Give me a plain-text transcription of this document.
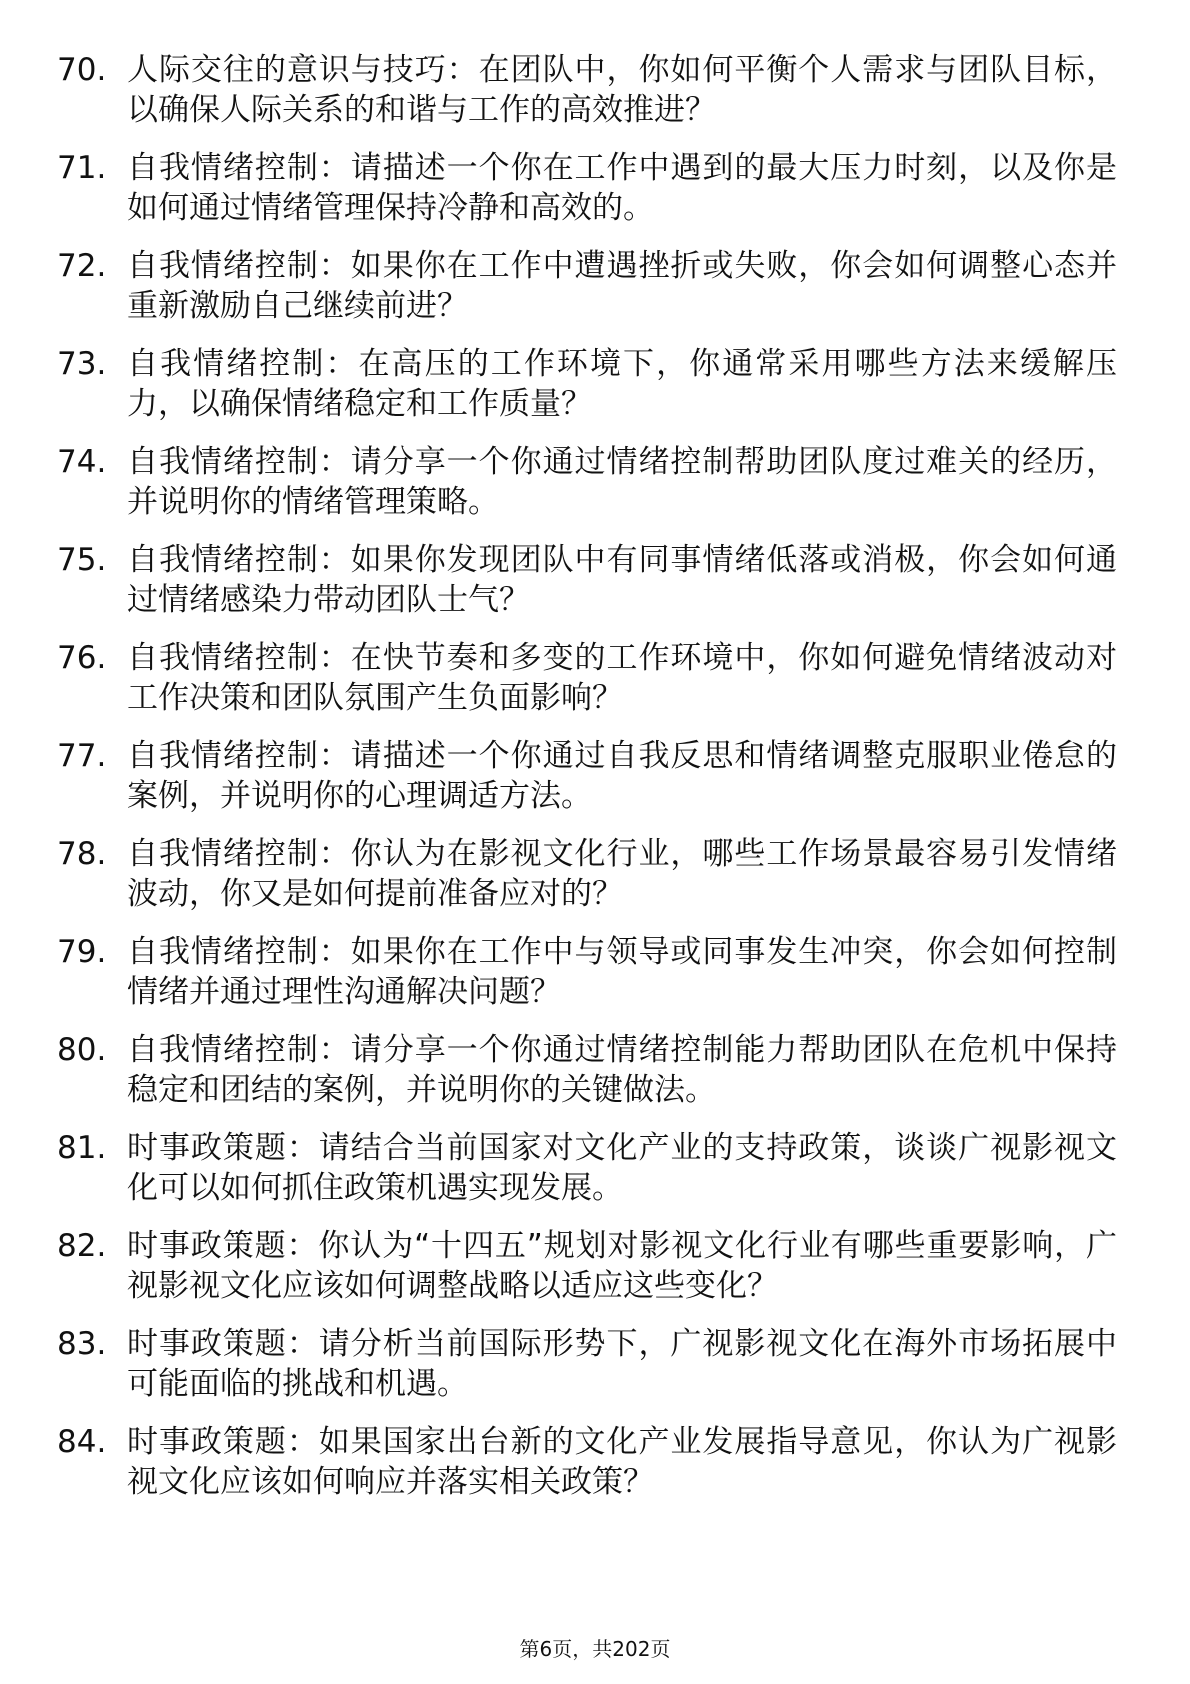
70. 人际交往的意识与技巧：在团队中，你如何平衡个人需求与团队目标，以确保人际关系的和谐与工作的高效推进？
71. 自我情绪控制：请描述一个你在工作中遇到的最大压力时刻，以及你是如何通过情绪管理保持冷静和高效的。
72. 自我情绪控制：如果你在工作中遭遇挫折或失败，你会如何调整心态并重新激励自己继续前进？
73. 自我情绪控制：在高压的工作环境下，你通常采用哪些方法来缓解压力，以确保情绪稳定和工作质量？
74. 自我情绪控制：请分享一个你通过情绪控制帮助团队度过难关的经历，并说明你的情绪管理策略。
75. 自我情绪控制：如果你发现团队中有同事情绪低落或消极，你会如何通过情绪感染力带动团队士气？
76. 自我情绪控制：在快节奏和多变的工作环境中，你如何避免情绪波动对工作决策和团队氛围产生负面影响？
77. 自我情绪控制：请描述一个你通过自我反思和情绪调整克服职业倦怠的案例，并说明你的心理调适方法。
78. 自我情绪控制：你认为在影视文化行业，哪些工作场景最容易引发情绪波动，你又是如何提前准备应对的？
79. 自我情绪控制：如果你在工作中与领导或同事发生冲突，你会如何控制情绪并通过理性沟通解决问题？
80. 自我情绪控制：请分享一个你通过情绪控制能力帮助团队在危机中保持稳定和团结的案例，并说明你的关键做法。
81. 时事政策题：请结合当前国家对文化产业的支持政策，谈谈广视影视文化可以如何抓住政策机遇实现发展。
82. 时事政策题：你认为“十四五”规划对影视文化行业有哪些重要影响，广视影视文化应该如何调整战略以适应这些变化？
83. 时事政策题：请分析当前国际形势下，广视影视文化在海外市场拓展中可能面临的挑战和机遇。
84. 时事政策题：如果国家出台新的文化产业发展指导意见，你认为广视影视文化应该如何响应并落实相关政策？
第6页，共202页
